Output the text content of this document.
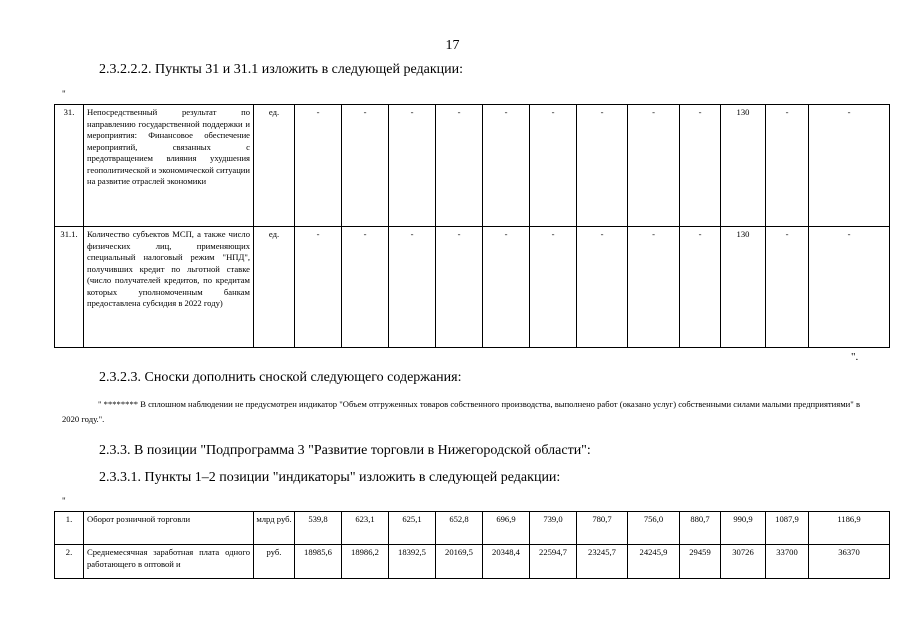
17
2.3.2.2.2. Пункты 31 и 31.1 изложить в следующей редакции:
"
31.	Непосредственный результат по направлению государственной поддержки и мероприятия: Финансовое обеспечение мероприятий, связанных с предотвращением влияния ухудшения геополитической и экономической ситуации на развитие отраслей экономики	ед.	-	-	-	-	-	-	-	-	-	130	-	-
31.1.	Количество субъектов МСП, а также число физических лиц, применяющих специальный налоговый режим "НПД", получивших кредит по льготной ставке (число получателей кредитов, по кредитам которых уполномоченным банкам предоставлена субсидия в 2022 году)	ед.	-	-	-	-	-	-	-	-	-	130	-	-
".
2.3.2.3. Сноски дополнить сноской следующего содержания:
" ******** В сплошном наблюдении не предусмотрен индикатор "Объем отгруженных товаров собственного производства, выполнено работ (оказано услуг) собственными силами малыми предприятиями" в 2020 году.".
2.3.3. В позиции "Подпрограмма 3 "Развитие торговли в Нижегородской области":
2.3.3.1. Пункты 1–2 позиции "индикаторы" изложить в следующей редакции:
"
1.	Оборот розничной торговли	млрд руб.	539,8	623,1	625,1	652,8	696,9	739,0	780,7	756,0	880,7	990,9	1087,9	1186,9
2.	Среднемесячная заработная плата одного работающего в оптовой и	руб.	18985,6	18986,2	18392,5	20169,5	20348,4	22594,7	23245,7	24245,9	29459	30726	33700	36370
